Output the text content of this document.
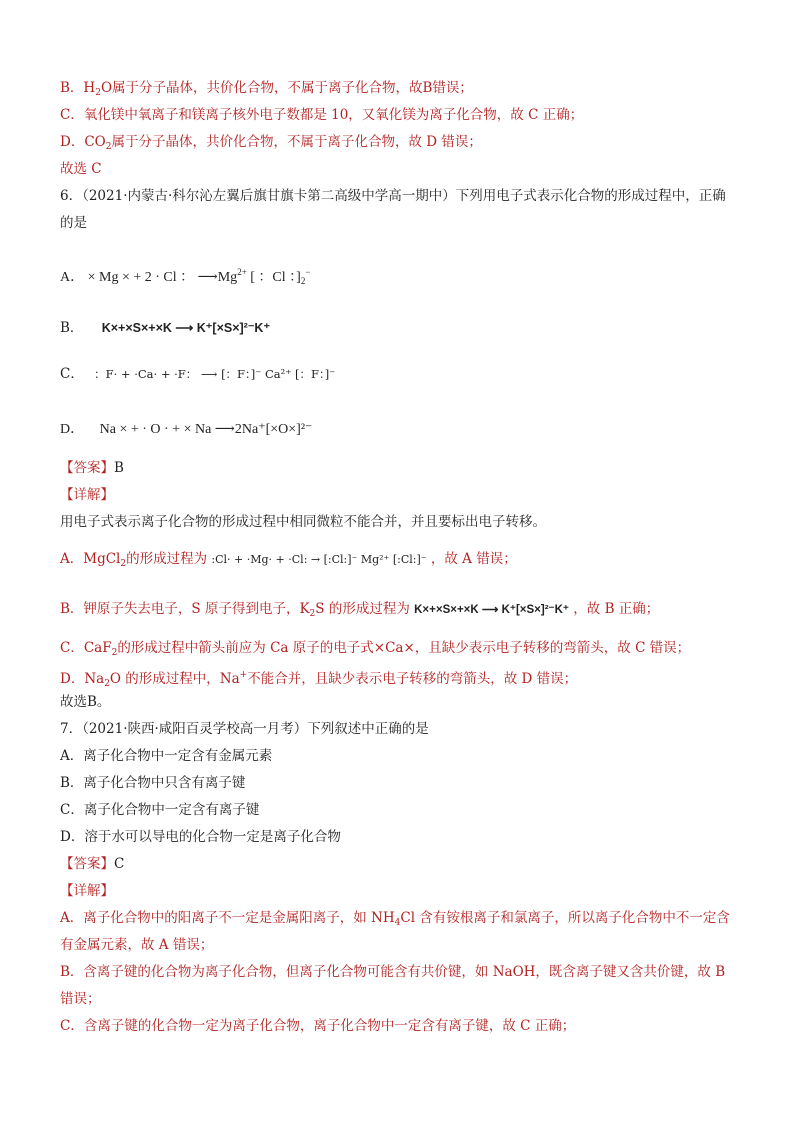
B．$H_2O$属于分子晶体，共价化合物，不属于离子化合物，故B错误；
C．氧化镁中氧离子和镁离子核外电子数都是 10，又氧化镁为离子化合物，故 C 正确；
D．$CO_2$属于分子晶体，共价化合物，不属于离子化合物，故 D 错误；
故选 C
6．（2021·内蒙古·科尔沁左翼后旗甘旗卡第二高级中学高一期中）下列用电子式表示化合物的形成过程中，正确
的是
A． × Mg × + 2 · Cl ： $⟶Mg^{2+}$ [ ：Cl ：]$_2^-$
B． K×+×S×+×K ⟶ K⁺[×S×]²⁻K⁺
C． ：F· + ·Ca· + ·F： ⟶ [：F：]⁻ Ca²⁺ [：F：]⁻
D． Na × + · O · + × Na ⟶2Na⁺[×O×]²⁻
【答案】B
【详解】
用电子式表示离子化合物的形成过程中相同微粒不能合并，并且要标出电子转移。
A．MgCl$_2$的形成过程为 :Cl· + ·Mg· + ·Cl: → [:Cl:]⁻ Mg²⁺ [:Cl:]⁻ ，故 A 错误；
B．钾原子失去电子，S 原子得到电子，$K_2S$ 的形成过程为 K×+×S×+×K ⟶ K⁺[×S×]²⁻K⁺ ，故 B 正确；
C．CaF$_2$的形成过程中箭头前应为 Ca 原子的电子式×Ca×，且缺少表示电子转移的弯箭头，故 C 错误；
D．$Na_2O$ 的形成过程中，Na+不能合并，且缺少表示电子转移的弯箭头，故 D 错误；
故选B。
7．（2021·陕西·咸阳百灵学校高一月考）下列叙述中正确的是
A．离子化合物中一定含有金属元素
B．离子化合物中只含有离子键
C．离子化合物中一定含有离子键
D．溶于水可以导电的化合物一定是离子化合物
【答案】C
【详解】
A．离子化合物中的阳离子不一定是金属阳离子，如 $NH_4Cl$ 含有铵根离子和氯离子，所以离子化合物中不一定含
有金属元素，故 A 错误；
B．含离子键的化合物为离子化合物，但离子化合物可能含有共价键，如 NaOH，既含离子键又含共价键，故 B
错误；
C．含离子键的化合物一定为离子化合物，离子化合物中一定含有离子键，故 C 正确；
